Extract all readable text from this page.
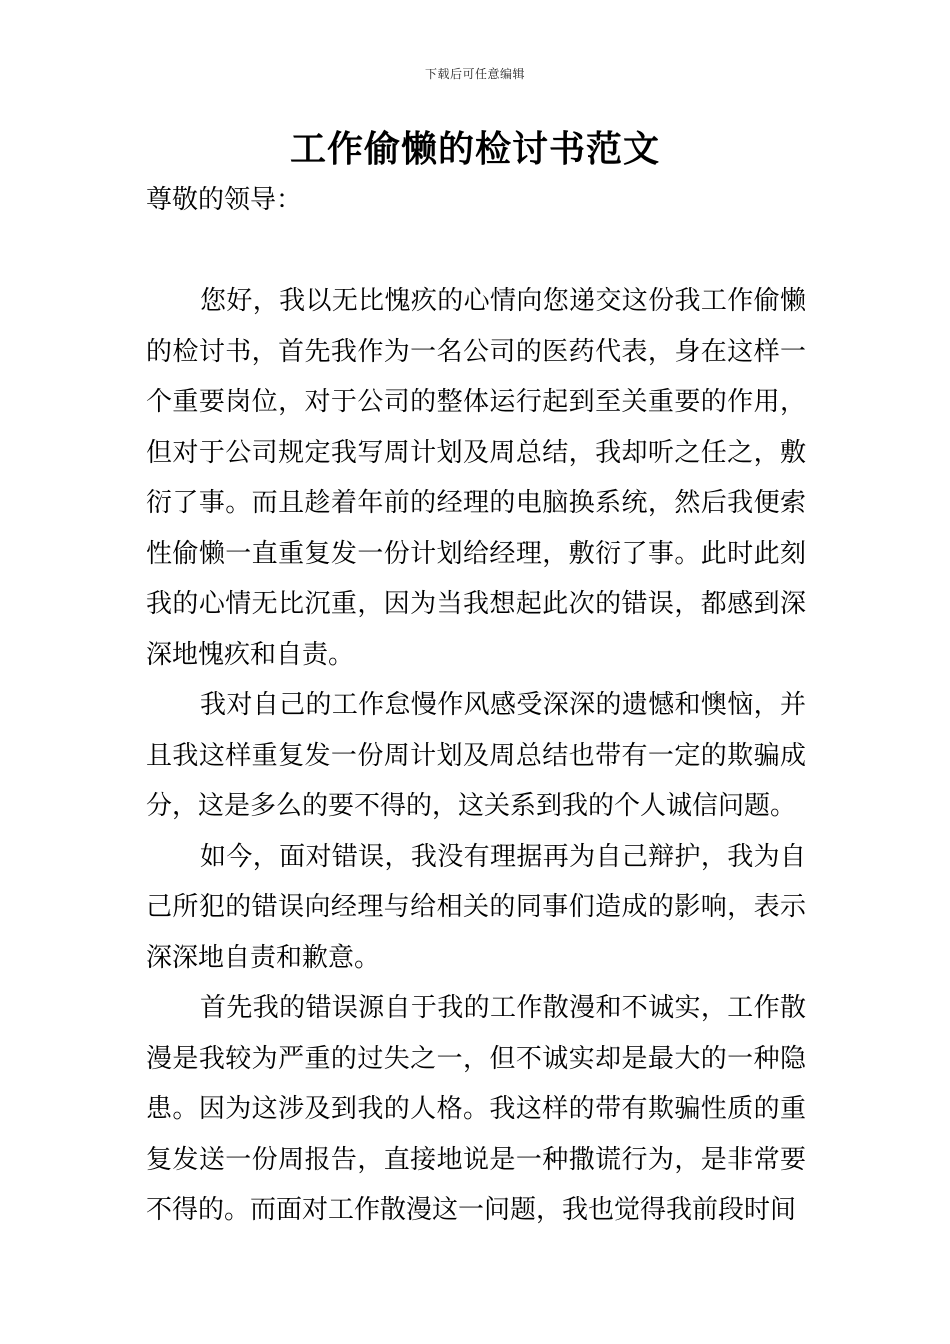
下载后可任意编辑
工作偷懒的检讨书范文
尊敬的领导：

您好，我以无比愧疚的心情向您递交这份我工作偷懒的检讨书，首先我作为一名公司的医药代表，身在这样一个重要岗位，对于公司的整体运行起到至关重要的作用，但对于公司规定我写周计划及周总结，我却听之任之，敷衍了事。而且趁着年前的经理的电脑换系统，然后我便索性偷懒一直重复发一份计划给经理，敷衍了事。此时此刻我的心情无比沉重，因为当我想起此次的错误，都感到深深地愧疚和自责。

我对自己的工作怠慢作风感受深深的遗憾和懊恼，并且我这样重复发一份周计划及周总结也带有一定的欺骗成分，这是多么的要不得的，这关系到我的个人诚信问题。

如今，面对错误，我没有理据再为自己辩护，我为自己所犯的错误向经理与给相关的同事们造成的影响，表示深深地自责和歉意。

首先我的错误源自于我的工作散漫和不诚实，工作散漫是我较为严重的过失之一，但不诚实却是最大的一种隐患。因为这涉及到我的人格。我这样的带有欺骗性质的重复发送一份周报告，直接地说是一种撒谎行为，是非常要不得的。而面对工作散漫这一问题，我也觉得我前段时间
